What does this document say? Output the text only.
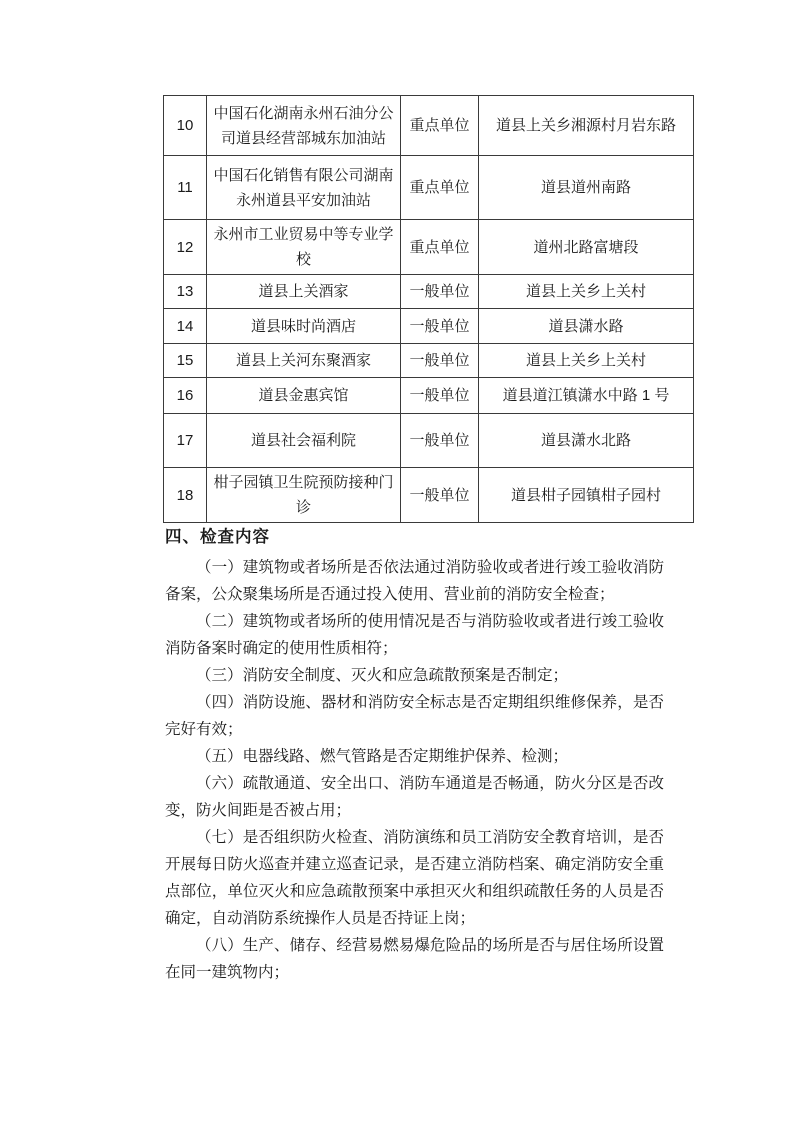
10	中国石化湖南永州石油分公司道县经营部城东加油站	重点单位	道县上关乡湘源村月岩东路
11	中国石化销售有限公司湖南永州道县平安加油站	重点单位	道县道州南路
12	永州市工业贸易中等专业学校	重点单位	道州北路富塘段
13	道县上关酒家	一般单位	道县上关乡上关村
14	道县味时尚酒店	一般单位	道县潇水路
15	道县上关河东聚酒家	一般单位	道县上关乡上关村
16	道县金惠宾馆	一般单位	道县道江镇潇水中路 1 号
17	道县社会福利院	一般单位	道县潇水北路
18	柑子园镇卫生院预防接种门诊	一般单位	道县柑子园镇柑子园村
四、检查内容

（一）建筑物或者场所是否依法通过消防验收或者进行竣工验收消防备案，公众聚集场所是否通过投入使用、营业前的消防安全检查；

（二）建筑物或者场所的使用情况是否与消防验收或者进行竣工验收消防备案时确定的使用性质相符；

（三）消防安全制度、灭火和应急疏散预案是否制定；

（四）消防设施、器材和消防安全标志是否定期组织维修保养，是否完好有效；

（五）电器线路、燃气管路是否定期维护保养、检测；

（六）疏散通道、安全出口、消防车通道是否畅通，防火分区是否改变，防火间距是否被占用；

（七）是否组织防火检查、消防演练和员工消防安全教育培训，是否开展每日防火巡查并建立巡查记录，是否建立消防档案、确定消防安全重点部位，单位灭火和应急疏散预案中承担灭火和组织疏散任务的人员是否确定，自动消防系统操作人员是否持证上岗；

（八）生产、储存、经营易燃易爆危险品的场所是否与居住场所设置在同一建筑物内；
